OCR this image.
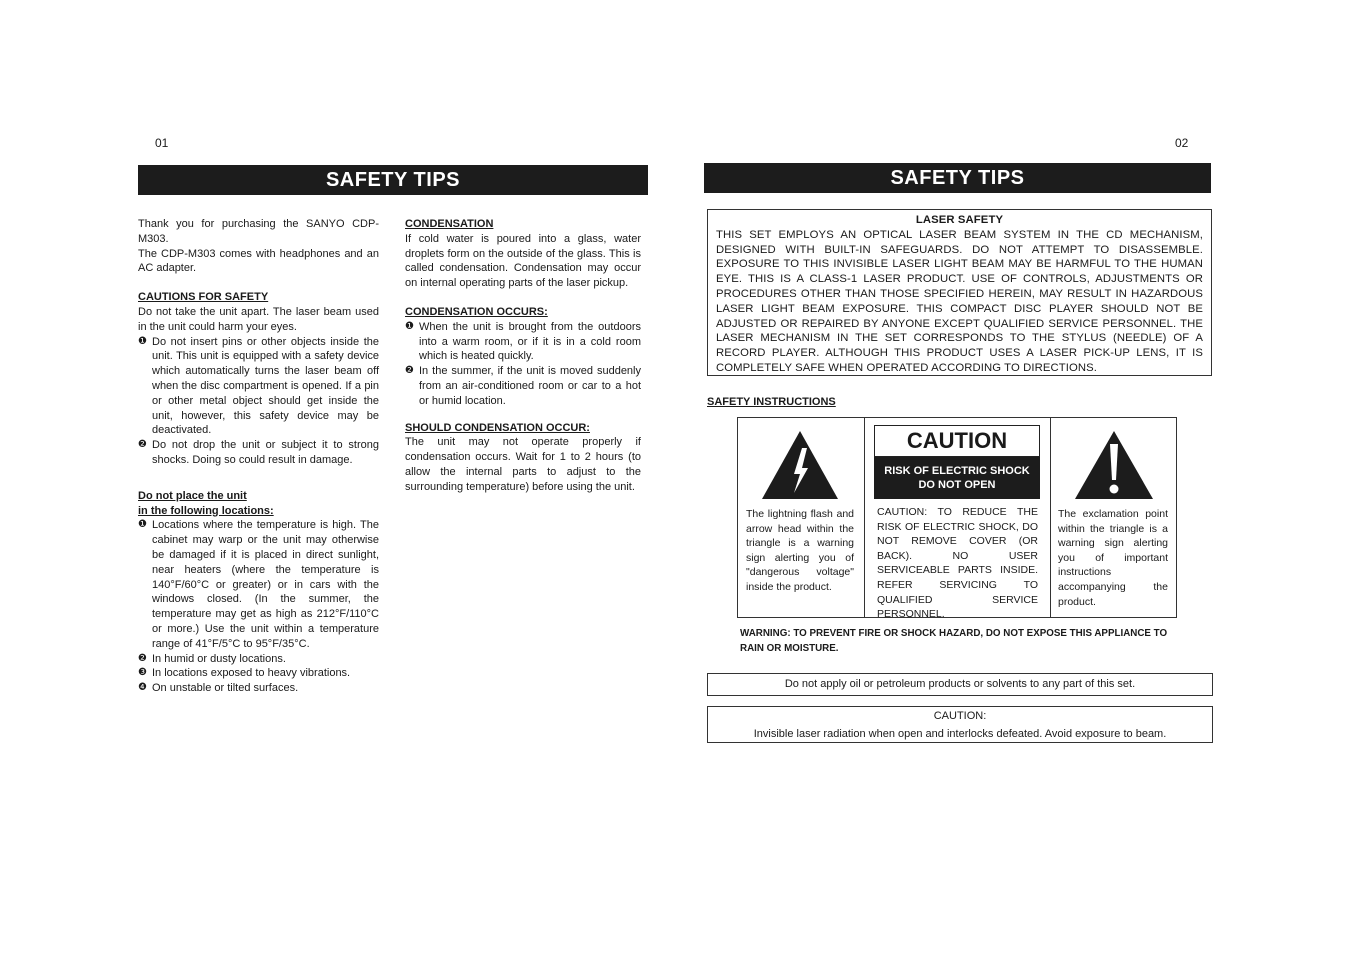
01
SAFETY TIPS

Thank you for purchasing the SANYO CDP-M303.

The CDP-M303 comes with headphones and an AC adapter.

CAUTIONS FOR SAFETY

Do not take the unit apart. The laser beam used in the unit could harm your eyes.

❶ Do not insert pins or other objects inside the unit. This unit is equipped with a safety device which automatically turns the laser beam off when the disc compartment is opened. If a pin or other metal object should get inside the unit, however, this safety device may be deactivated.
❷ Do not drop the unit or subject it to strong shocks. Doing so could result in damage.

Do not place the unit

in the following locations:

❶ Locations where the temperature is high. The cabinet may warp or the unit may otherwise be damaged if it is placed in direct sunlight, near heaters (where the temperature is 140°F/60°C or greater) or in cars with the windows closed. (In the summer, the temperature may get as high as 212°F/110°C or more.) Use the unit within a temperature range of 41°F/5°C to 95°F/35°C.
❷ In humid or dusty locations.
❸ In locations exposed to heavy vibrations.
❹ On unstable or tilted surfaces.

CONDENSATION

If cold water is poured into a glass, water droplets form on the outside of the glass. This is called condensation. Condensation may occur on internal operating parts of the laser pickup.

CONDENSATION OCCURS:

❶ When the unit is brought from the outdoors into a warm room, or if it is in a cold room which is heated quickly.
❷ In the summer, if the unit is moved suddenly from an air-conditioned room or car to a hot or humid location.

SHOULD CONDENSATION OCCUR:

The unit may not operate properly if condensation occurs. Wait for 1 to 2 hours (to allow the internal parts to adjust to the surrounding temperature) before using the unit.

02
SAFETY TIPS
LASER SAFETY
THIS SET EMPLOYS AN OPTICAL LASER BEAM SYSTEM IN THE CD MECHANISM, DESIGNED WITH BUILT-IN SAFEGUARDS. DO NOT ATTEMPT TO DISASSEMBLE. EXPOSURE TO THIS INVISIBLE LASER LIGHT BEAM MAY BE HARMFUL TO THE HUMAN EYE. THIS IS A CLASS-1 LASER PRODUCT. USE OF CONTROLS, ADJUSTMENTS OR PROCEDURES OTHER THAN THOSE SPECIFIED HEREIN, MAY RESULT IN HAZARDOUS LASER LIGHT BEAM EXPOSURE. THIS COMPACT DISC PLAYER SHOULD NOT BE ADJUSTED OR REPAIRED BY ANYONE EXCEPT QUALIFIED SERVICE PERSONNEL. THE LASER MECHANISM IN THE SET CORRESPONDS TO THE STYLUS (NEEDLE) OF A RECORD PLAYER. ALTHOUGH THIS PRODUCT USES A LASER PICK-UP LENS, IT IS COMPLETELY SAFE WHEN OPERATED ACCORDING TO DIRECTIONS.
SAFETY INSTRUCTIONS
The lightning flash and arrow head within the triangle is a warning sign alerting you of "dangerous voltage" inside the product.
CAUTION
RISK OF ELECTRIC SHOCK
DO NOT OPEN
CAUTION: TO REDUCE THE RISK OF ELECTRIC SHOCK, DO NOT REMOVE COVER (OR BACK). NO USER SERVICEABLE PARTS INSIDE. REFER SERVICING TO QUALIFIED SERVICE PERSONNEL.
The exclamation point within the triangle is a warning sign alerting you of important instructions accompanying the product.
WARNING: TO PREVENT FIRE OR SHOCK HAZARD, DO NOT EXPOSE THIS APPLIANCE TO RAIN OR MOISTURE.
Do not apply oil or petroleum products or solvents to any part of this set.
CAUTION:
Invisible laser radiation when open and interlocks defeated. Avoid exposure to beam.
